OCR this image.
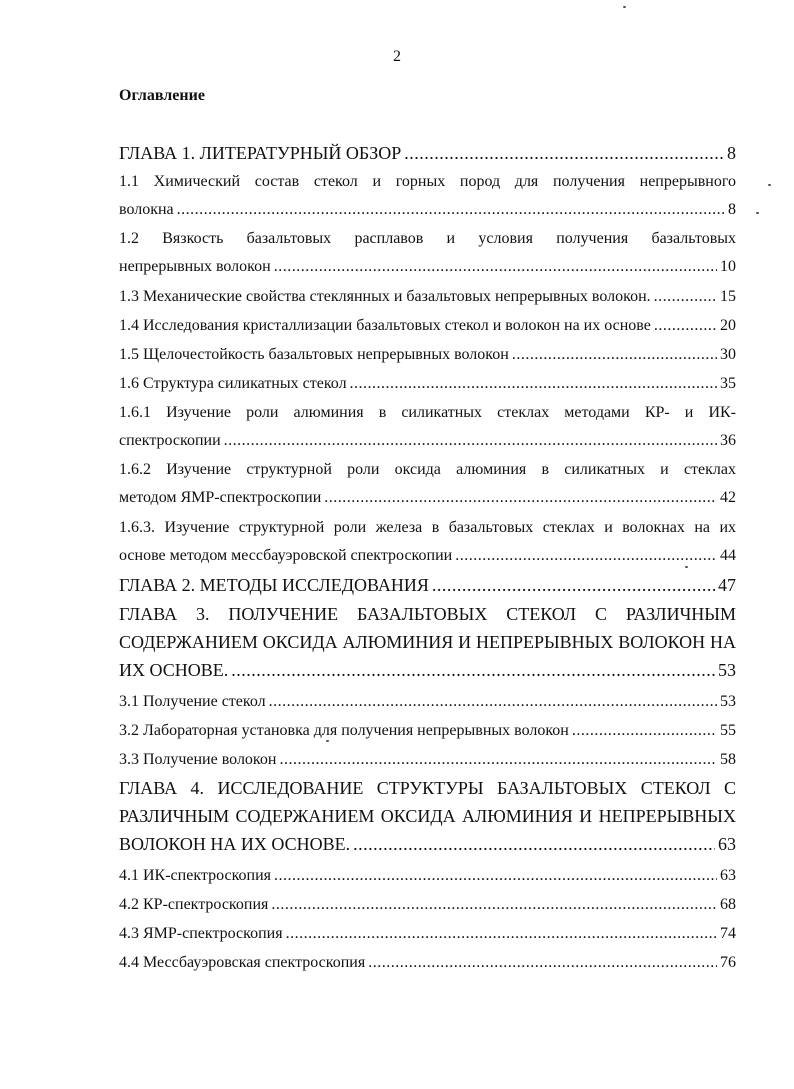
2
Оглавление
ГЛАВА 1. ЛИТЕРАТУРНЫЙ ОБЗОР .....	8
1.1 Химический состав стекол и горных пород для получения непрерывного
волокна .....	8
1.2 Вязкость базальтовых расплавов и условия получения базальтовых
непрерывных волокон .....	10
1.3 Механические свойства стеклянных и базальтовых непрерывных волокон. .....	15
1.4 Исследования кристаллизации базальтовых стекол и волокон на их основе .....	20
1.5 Щелочестойкость базальтовых непрерывных волокон .....	30
1.6 Структура силикатных стекол .....	35
1.6.1 Изучение роли алюминия в силикатных стеклах методами КР- и ИК-
спектроскопии .....	36
1.6.2 Изучение структурной роли оксида алюминия в силикатных и стеклах
методом ЯМР-спектроскопии .....	42
1.6.3. Изучение структурной роли железа в базальтовых стеклах и волокнах на их
основе методом мессбауэровской спектроскопии .....	44
ГЛАВА 2. МЕТОДЫ ИССЛЕДОВАНИЯ .....	47
ГЛАВА 3. ПОЛУЧЕНИЕ БАЗАЛЬТОВЫХ СТЕКОЛ С РАЗЛИЧНЫМ
СОДЕРЖАНИЕМ ОКСИДА АЛЮМИНИЯ И НЕПРЕРЫВНЫХ ВОЛОКОН НА
ИХ ОСНОВЕ. .....	53
3.1 Получение стекол .....	53
3.2 Лабораторная установка для получения непрерывных волокон .....	55
3.3 Получение волокон .....	58
ГЛАВА 4. ИССЛЕДОВАНИЕ СТРУКТУРЫ БАЗАЛЬТОВЫХ СТЕКОЛ С
РАЗЛИЧНЫМ СОДЕРЖАНИЕМ ОКСИДА АЛЮМИНИЯ И НЕПРЕРЫВНЫХ
ВОЛОКОН НА ИХ ОСНОВЕ. .....	63
4.1 ИК-спектроскопия .....	63
4.2 КР-спектроскопия .....	68
4.3 ЯМР-спектроскопия .....	74
4.4 Мессбауэровская спектроскопия .....	76
